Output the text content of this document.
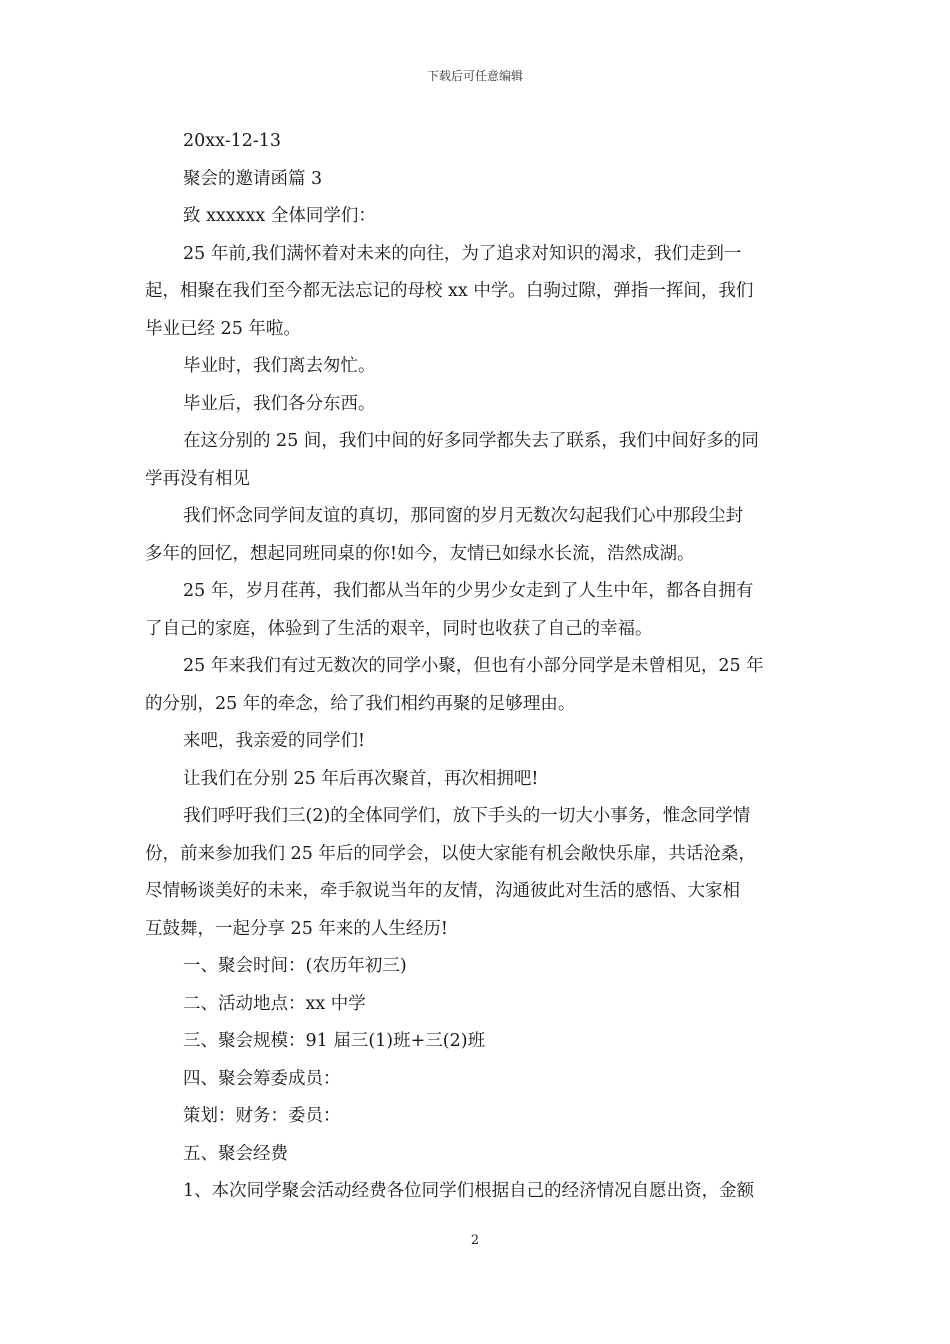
下载后可任意编辑
20xx-12-13
聚会的邀请函篇 3
致 xxxxxx 全体同学们：
25 年前,我们满怀着对未来的向往，为了追求对知识的渴求，我们走到一
起，相聚在我们至今都无法忘记的母校 xx 中学。白驹过隙，弹指一挥间，我们
毕业已经 25 年啦。
毕业时，我们离去匆忙。
毕业后，我们各分东西。
在这分别的 25 间，我们中间的好多同学都失去了联系，我们中间好多的同
学再没有相见
我们怀念同学间友谊的真切，那同窗的岁月无数次勾起我们心中那段尘封
多年的回忆，想起同班同桌的你!如今，友情已如绿水长流，浩然成湖。
25 年，岁月荏苒，我们都从当年的少男少女走到了人生中年，都各自拥有
了自己的家庭，体验到了生活的艰辛，同时也收获了自己的幸福。
25 年来我们有过无数次的同学小聚，但也有小部分同学是未曾相见，25 年
的分别，25 年的牵念，给了我们相约再聚的足够理由。
来吧，我亲爱的同学们!
让我们在分别 25 年后再次聚首，再次相拥吧!
我们呼吁我们三(2)的全体同学们，放下手头的一切大小事务，惟念同学情
份，前来参加我们 25 年后的同学会，以使大家能有机会敞快乐扉，共话沧桑，
尽情畅谈美好的未来，牵手叙说当年的友情，沟通彼此对生活的感悟、大家相
互鼓舞，一起分享 25 年来的人生经历!
一、聚会时间：(农历年初三)
二、活动地点：xx 中学
三、聚会规模：91 届三(1)班+三(2)班
四、聚会筹委成员：
策划：财务：委员：
五、聚会经费
1、本次同学聚会活动经费各位同学们根据自己的经济情况自愿出资，金额
2
